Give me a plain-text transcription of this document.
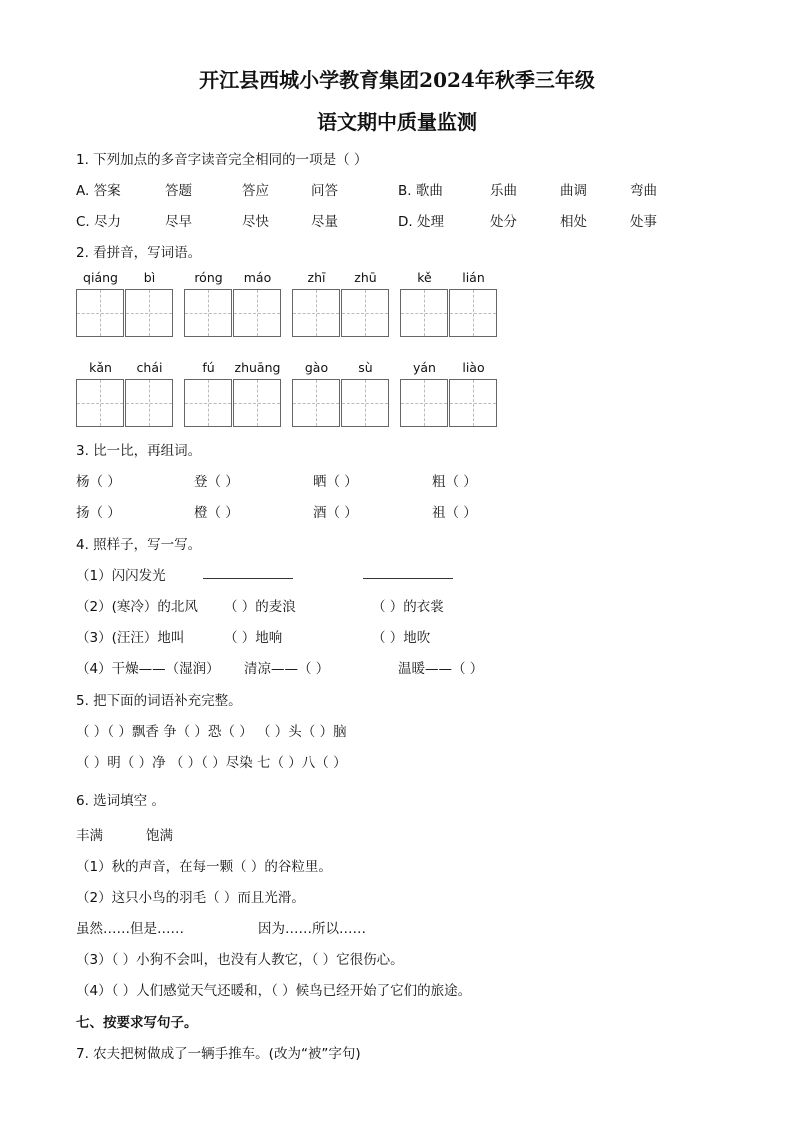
开江县西城小学教育集团2024年秋季三年级
语文期中质量监测
1. 下列加点的多音字读音完全相同的一项是（ ）
A. 答案	答题	答应	问答	B. 歌曲	乐曲	曲调	弯曲
C. 尽力	尽早	尽快	尽量	D. 处理	处分	相处	处事
2. 看拼音，写词语。
qiáng	bì	róng	máo	zhī	zhū	kě	lián
kǎn	chái	fú	zhuāng	gào	sù	yán	liào
3. 比一比，再组词。
杨（ ）	登（ ）	晒（ ）	粗（ ）
扬（ ）	橙（ ）	酒（ ）	祖（ ）
4. 照样子，写一写。
（1）闪闪发光
（2）(寒冷）的北风 （ ）的麦浪	（ ）的衣裳
（3）(汪汪）地叫	（ ）地响	（ ）地吹
（4）干燥——（湿润） 清凉——（ ）	温暖——（ ）
5. 把下面的词语补充完整。
（ ）（ ）飘香 争（ ）恐（ ） （ ）头（ ）脑
（ ）明（ ）净 （ ）（ ）尽染 七（ ）八（ ）
6. 选词填空 。
丰满	饱满
（1）秋的声音，在每一颗（ ）的谷粒里。
（2）这只小鸟的羽毛（ ）而且光滑。
虽然……但是……	因为……所以……
（3）（ ）小狗不会叫，也没有人教它，（ ）它很伤心。
（4）（ ）人们感觉天气还暖和，（ ）候鸟已经开始了它们的旅途。
七、按要求写句子。
7. 农夫把树做成了一辆手推车。(改为“被”字句)
